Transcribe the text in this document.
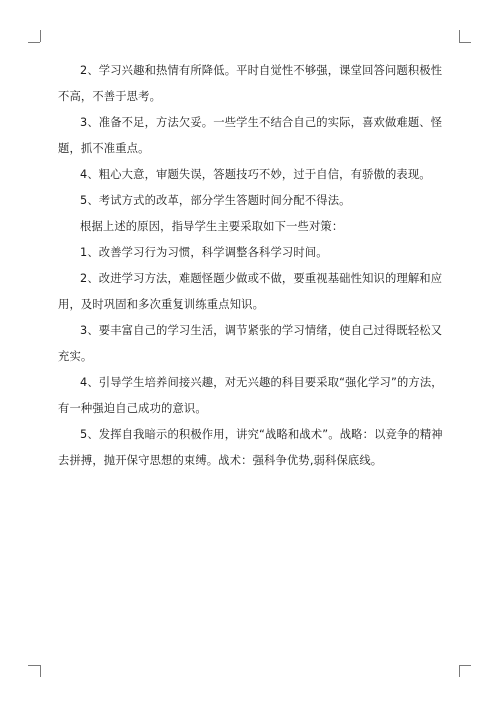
2、学习兴趣和热情有所降低。平时自觉性不够强，课堂回答问题积极性不高，不善于思考。

3、准备不足，方法欠妥。一些学生不结合自己的实际，喜欢做难题、怪题，抓不准重点。

4、粗心大意，审题失误，答题技巧不妙，过于自信，有骄傲的表现。

5、考试方式的改革，部分学生答题时间分配不得法。

根据上述的原因，指导学生主要采取如下一些对策：

1、改善学习行为习惯，科学调整各科学习时间。

2、改进学习方法，难题怪题少做或不做，要重视基础性知识的理解和应用，及时巩固和多次重复训练重点知识。

3、要丰富自己的学习生活，调节紧张的学习情绪，使自己过得既轻松又充实。

4、引导学生培养间接兴趣，对无兴趣的科目要采取“强化学习”的方法，有一种强迫自己成功的意识。

5、发挥自我暗示的积极作用，讲究“战略和战术”。战略：以竞争的精神去拼搏，抛开保守思想的束缚。战术：强科争优势,弱科保底线。
